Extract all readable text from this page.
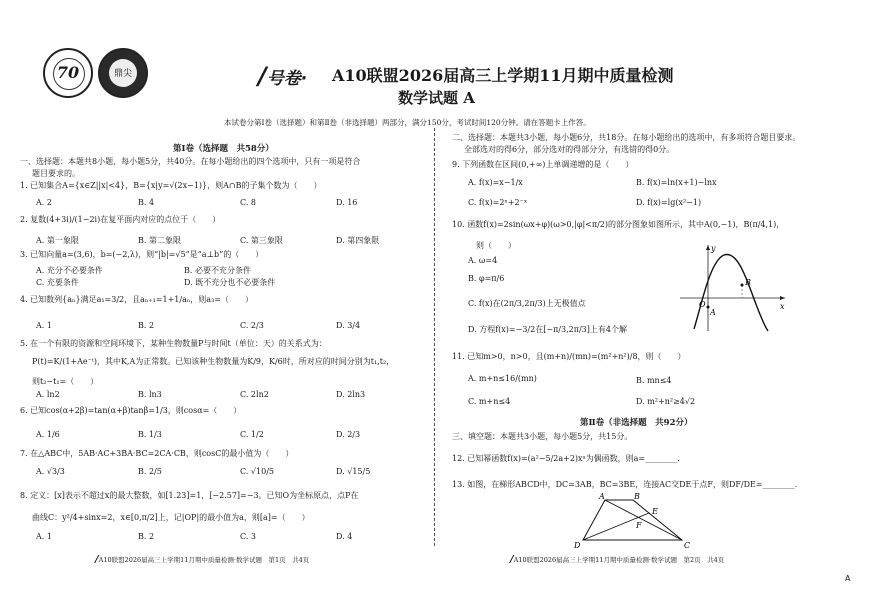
70	鼎尖	/号卷· A10联盟2026届高三上学期11月期中质量检测
数学试题 A
本试卷分第Ⅰ卷（选择题）和第Ⅱ卷（非选择题）两部分，满分150分，考试时间120分钟。请在答题卡上作答。
第Ⅰ卷（选择题　共58分）
一、选择题：本题共8小题，每小题5分，共40分。在每小题给出的四个选项中，只有一项是符合
题目要求的。
1. 已知集合A={x∈Z||x|<4}，B={x|y=√(2x−1)}，则A∩B的子集个数为（　　）
A. 2	B. 4	C. 8	D. 16
2. 复数(4+3i)/(1−2i)在复平面内对应的点位于（　　）
A. 第一象限	B. 第二象限	C. 第三象限	D. 第四象限
3. 已知向量a=(3,6)，b=(−2,λ)，则“|b|=√5”是“a⊥b”的（　　）
A. 充分不必要条件	B. 必要不充分条件
C. 充要条件	D. 既不充分也不必要条件
4. 已知数列{aₙ}满足a₁=3/2，且aₙ₊₁=1+1/aₙ，则a₃=（　　）
A. 1	B. 2	C. 2/3	D. 3/4
5. 在一个有限的资源和空间环境下，某种生物数量P与时间t（单位：天）的关系式为：
P(t)=K/(1+Ae⁻ᵗ)，其中K,A为正常数。已知该种生物数量为K/9，K/6时，所对应的时间分别为t₁,t₂，
则t₂−t₁=（　　）
A. ln2	B. ln3	C. 2ln2	D. 2ln3
6. 已知cos(α+2β)=tan(α+β)tanβ=1/3，则cosα=（　　）
A. 1/6	B. 1/3	C. 1/2	D. 2/3
7. 在△ABC中，5AB·AC+3BA·BC=2CA·CB，则cosC的最小值为（　　）
A. √3/3	B. 2/5	C. √10/5	D. √15/5
8. 定义：[x]表示不超过x的最大整数，如[1.23]=1，[−2.57]=−3。已知O为坐标原点，点P在
曲线C：y²/4+sinx=2，x∈[0,π/2]上，记|OP|的最小值为a，则[a]=（　　）
A. 1	B. 2	C. 3	D. 4
/A10联盟2026届高三上学期11月期中质量检测·数学试题　第1页　共4页
二、选择题：本题共3小题，每小题6分，共18分。在每小题给出的选项中，有多项符合题目要求。
全部选对的得6分，部分选对的得部分分，有选错的得0分。
9. 下列函数在区间(0,+∞)上单调递增的是（　　）
A. f(x)=x−1/x	B. f(x)=ln(x+1)−lnx
C. f(x)=2ˣ+2⁻ˣ	D. f(x)=lg(x²−1)
10. 函数f(x)=2sin(ωx+φ)(ω>0,|φ|<π/2)的部分图象如图所示，其中A(0,−1)，B(π/4,1)，
则（　　）
A. ω=4
B. φ=π/6
C. f(x)在(2π/3,2π/3)上无极值点
D. 方程f(x)=−3/2在[−π/3,2π/3]上有4个解
y
x
O
A
B
11. 已知m>0，n>0，且(m+n)/(mn)=(m²+n²)/8，则（　　）
A. m+n≤16/(mn)	B. mn≤4
C. m+n≤4	D. m²+n²≥4√2
第Ⅱ卷（非选择题　共92分）
三、填空题：本题共3小题，每小题5分，共15分。
12. 已知幂函数f(x)=(a²−5/2a+2)xᵃ为偶函数，则a=________.
13. 如图，在梯形ABCD中，DC=3AB，BC=3BE，连接AC交DE于点F，则DF/DE=________.
A	B
C
D
E
F
/A10联盟2026届高三上学期11月期中质量检测·数学试题　第2页　共4页
A
